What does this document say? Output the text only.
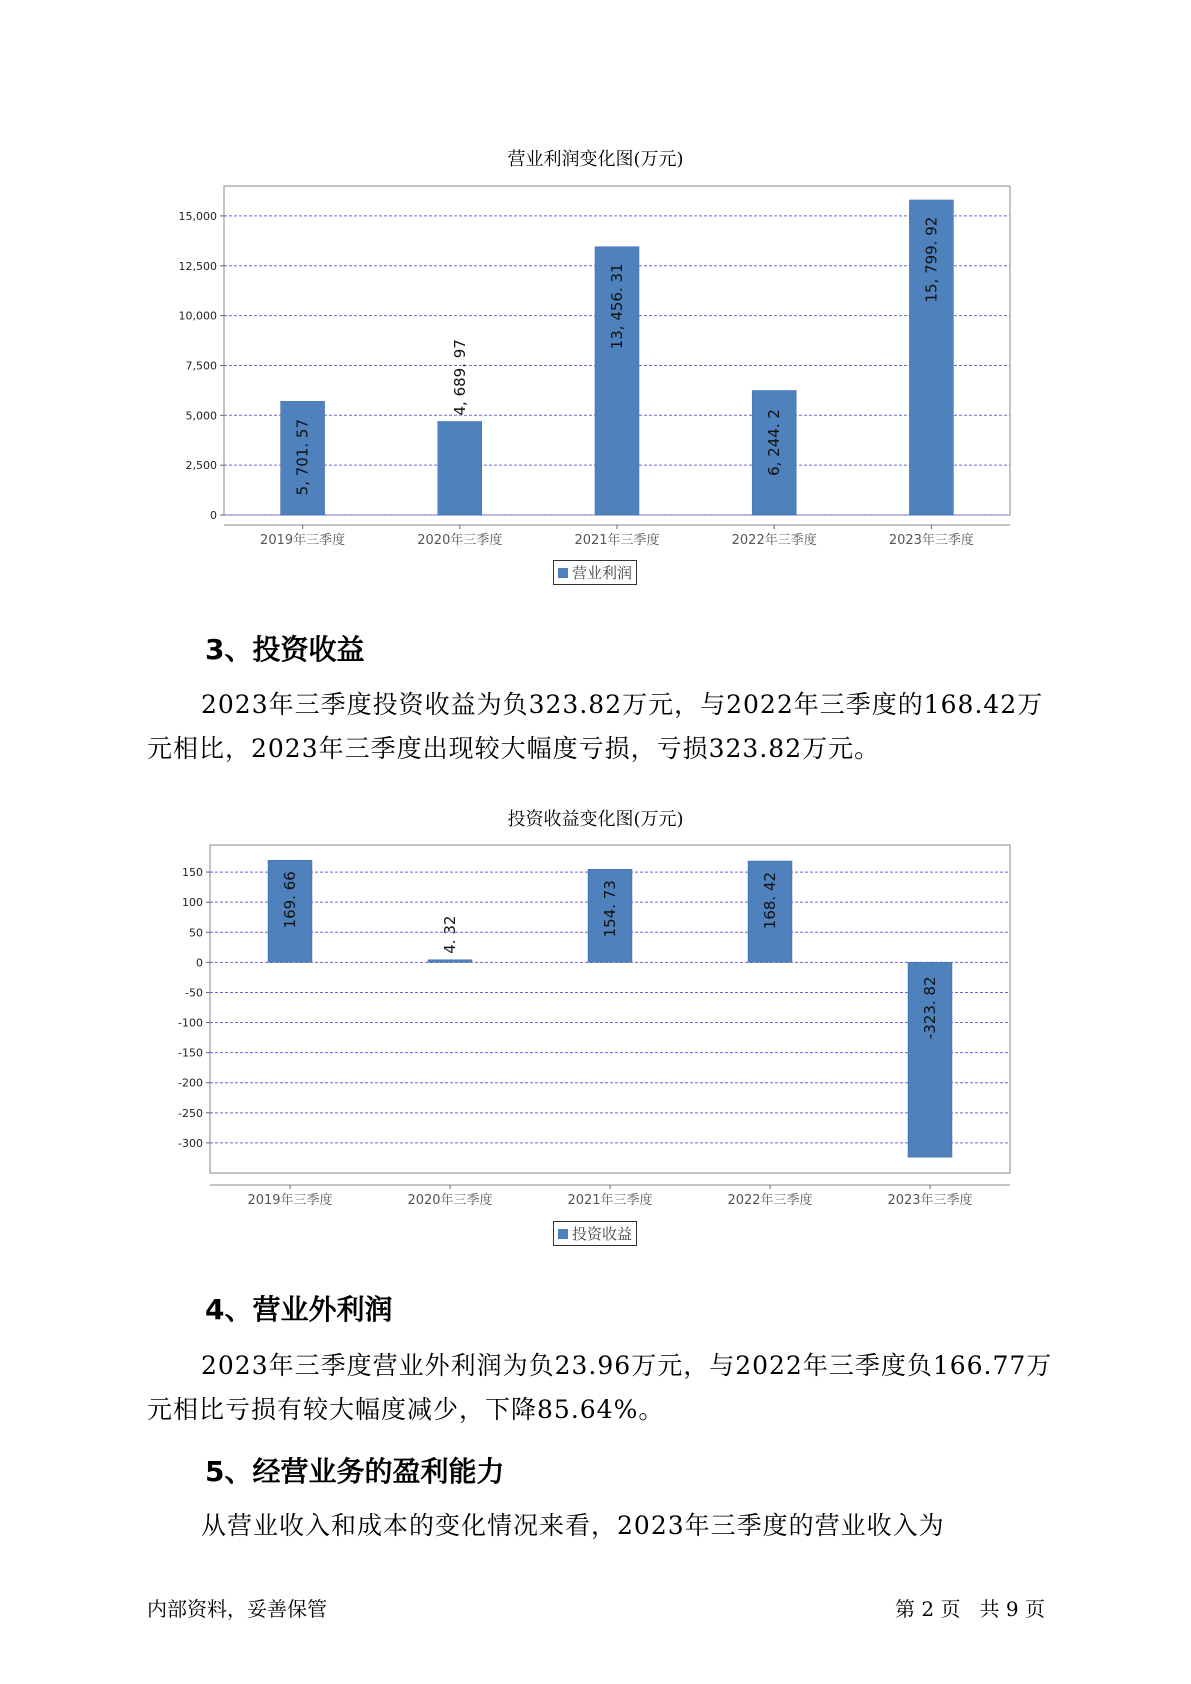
营业利润变化图(万元)
0
2,500
5,000
7,500
10,000
12,500
15,000
5, 701. 57
2019年三季度
4, 689. 97
2020年三季度
13, 456. 31
2021年三季度
6, 244. 2
2022年三季度
15, 799. 92
2023年三季度
营业利润
3、投资收益

2023年三季度投资收益为负323.82万元，与2022年三季度的168.42万元相比，2023年三季度出现较大幅度亏损，亏损323.82万元。

投资收益变化图(万元)
150
100
50
0
-50
-100
-150
-200
-250
-300
169. 66
2019年三季度
4. 32
2020年三季度
154. 73
2021年三季度
168. 42
2022年三季度
-323. 82
2023年三季度
投资收益
4、营业外利润

2023年三季度营业外利润为负23.96万元，与2022年三季度负166.77万元相比亏损有较大幅度减少，下降85.64%。

5、经营业务的盈利能力

从营业收入和成本的变化情况来看，2023年三季度的营业收入为

内部资料，妥善保管	第 2 页   共 9 页
